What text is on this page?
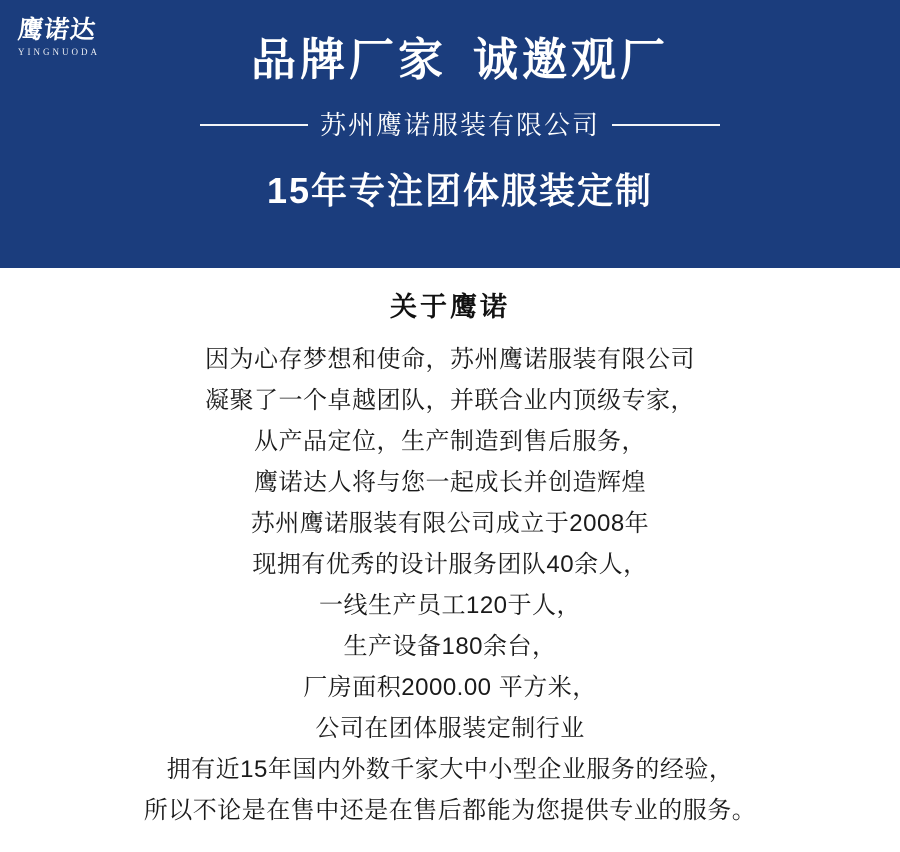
鹰诺达
YINGNUODA	品牌厂家 诚邀观厂
苏州鹰诺服装有限公司
15年专注团体服装定制
关于鹰诺
因为心存梦想和使命，苏州鹰诺服装有限公司
凝聚了一个卓越团队，并联合业内顶级专家，
从产品定位，生产制造到售后服务，
鹰诺达人将与您一起成长并创造辉煌
苏州鹰诺服装有限公司成立于2008年
现拥有优秀的设计服务团队40余人，
一线生产员工120于人，
生产设备180余台，
厂房面积2000.00 平方米，
公司在团体服装定制行业
拥有近15年国内外数千家大中小型企业服务的经验，
所以不论是在售中还是在售后都能为您提供专业的服务。
